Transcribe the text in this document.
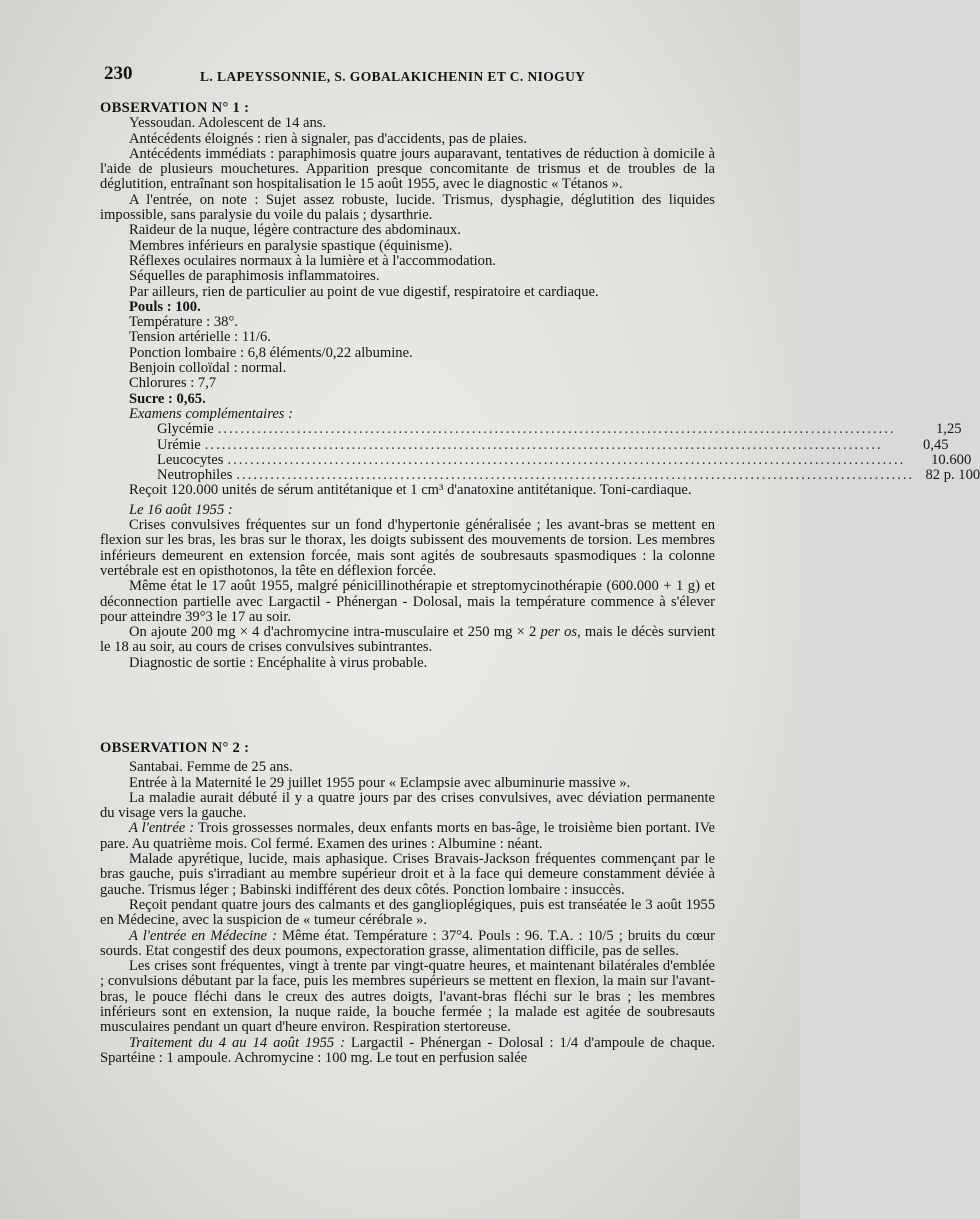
230	L. LAPEYSSONNIE, S. GOBALAKICHENIN ET C. NIOGUY
OBSERVATION N° 1 :
Yessoudan. Adolescent de 14 ans.
Antécédents éloignés : rien à signaler, pas d'accidents, pas de plaies.
Antécédents immédiats : paraphimosis quatre jours auparavant, tentatives de réduction à domicile à l'aide de plusieurs mouchetures. Apparition presque concomitante de trismus et de troubles de la déglutition, entraînant son hospitalisation le 15 août 1955, avec le diagnostic « Tétanos ».
A l'entrée, on note : Sujet assez robuste, lucide. Trismus, dysphagie, déglutition des liquides impossible, sans paralysie du voile du palais ; dysarthrie.
Raideur de la nuque, légère contracture des abdominaux.
Membres inférieurs en paralysie spastique (équinisme).
Réflexes oculaires normaux à la lumière et à l'accommodation.
Séquelles de paraphimosis inflammatoires.
Par ailleurs, rien de particulier au point de vue digestif, respiratoire et cardiaque.
Pouls : 100.
Température : 38°.
Tension artérielle : 11/6.
Ponction lombaire : 6,8 éléments/0,22 albumine.
Benjoin colloïdal : normal.
Chlorures : 7,7
Sucre : 0,65.
Examens complémentaires :
Glycémie ........................................................................................................................	1,25
Urémie ........................................................................................................................	0,45
Leucocytes ........................................................................................................................	10.600
Neutrophiles ........................................................................................................................ 82 p. 100
Reçoit 120.000 unités de sérum antitétanique et 1 cm³ d'anatoxine antitétanique. Toni-cardiaque.
Le 16 août 1955 :
Crises convulsives fréquentes sur un fond d'hypertonie généralisée ; les avant-bras se mettent en flexion sur les bras, les bras sur le thorax, les doigts subissent des mouvements de torsion. Les membres inférieurs demeurent en extension forcée, mais sont agités de soubresauts spasmodiques : la colonne vertébrale est en opisthotonos, la tête en déflexion forcée.
Même état le 17 août 1955, malgré pénicillinothérapie et streptomycinothérapie (600.000 + 1 g) et déconnection partielle avec Largactil - Phénergan - Dolosal, mais la température commence à s'élever pour atteindre 39°3 le 17 au soir.
On ajoute 200 mg × 4 d'achromycine intra-musculaire et 250 mg × 2 per os, mais le décès survient le 18 au soir, au cours de crises convulsives subintrantes.
Diagnostic de sortie : Encéphalite à virus probable.
OBSERVATION N° 2 :
Santabai. Femme de 25 ans.
Entrée à la Maternité le 29 juillet 1955 pour « Eclampsie avec albuminurie massive ».
La maladie aurait débuté il y a quatre jours par des crises convulsives, avec déviation permanente du visage vers la gauche.
A l'entrée : Trois grossesses normales, deux enfants morts en bas-âge, le troisième bien portant. IVe pare. Au quatrième mois. Col fermé. Examen des urines : Albumine : néant.
Malade apyrétique, lucide, mais aphasique. Crises Bravais-Jackson fréquentes commençant par le bras gauche, puis s'irradiant au membre supérieur droit et à la face qui demeure constamment déviée à gauche. Trismus léger ; Babinski indifférent des deux côtés. Ponction lombaire : insuccès.
Reçoit pendant quatre jours des calmants et des ganglioplégiques, puis est transéatée le 3 août 1955 en Médecine, avec la suspicion de « tumeur cérébrale ».
A l'entrée en Médecine : Même état. Température : 37°4. Pouls : 96. T.A. : 10/5 ; bruits du cœur sourds. Etat congestif des deux poumons, expectoration grasse, alimentation difficile, pas de selles.
Les crises sont fréquentes, vingt à trente par vingt-quatre heures, et maintenant bilatérales d'emblée ; convulsions débutant par la face, puis les membres supérieurs se mettent en flexion, la main sur l'avant-bras, le pouce fléchi dans le creux des autres doigts, l'avant-bras fléchi sur le bras ; les membres inférieurs sont en extension, la nuque raide, la bouche fermée ; la malade est agitée de soubresauts musculaires pendant un quart d'heure environ. Respiration stertoreuse.
Traitement du 4 au 14 août 1955 : Largactil - Phénergan - Dolosal : 1/4 d'ampoule de chaque. Spartéine : 1 ampoule. Achromycine : 100 mg. Le tout en perfusion salée
